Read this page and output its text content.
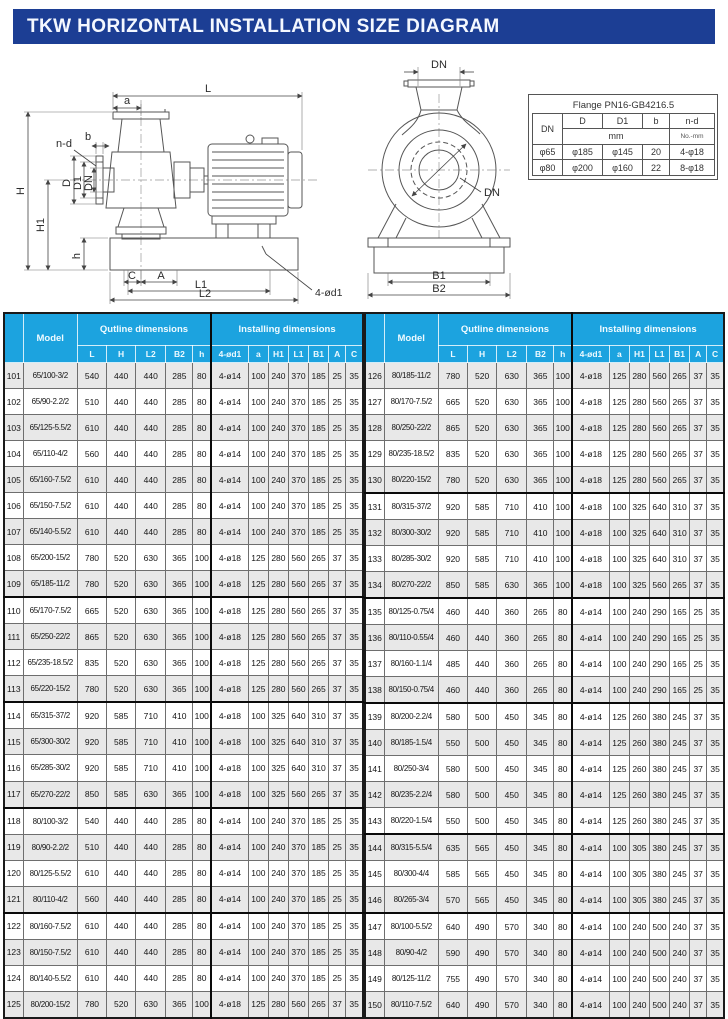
TKW HORIZONTAL INSTALLATION SIZE DIAGRAM
L
a
b
n-d
D D1 DN
H
H1
h
C A
L1
L2	4-ød1
DN
DN
B1
B2
Flange PN16-GB4216.5				
DN	D	D1	b	n-d
	mm			No.-mm
φ65	φ185	φ145	20	4-φ18
φ80	φ200	φ160	22	8-φ18
	Model	Qutline dimensions					Installing dimensions						
		L	H	L2	B2	h	4-ød1	a	H1	L1	B1	A	C
101	65/100-3/2	540	440	440	285	80	4-ø14	100	240	370	185	25	35
102	65/90-2.2/2	510	440	440	285	80	4-ø14	100	240	370	185	25	35
103	65/125-5.5/2	610	440	440	285	80	4-ø14	100	240	370	185	25	35
104	65/110-4/2	560	440	440	285	80	4-ø14	100	240	370	185	25	35
105	65/160-7.5/2	610	440	440	285	80	4-ø14	100	240	370	185	25	35
106	65/150-7.5/2	610	440	440	285	80	4-ø14	100	240	370	185	25	35
107	65/140-5.5/2	610	440	440	285	80	4-ø14	100	240	370	185	25	35
108	65/200-15/2	780	520	630	365	100	4-ø18	125	280	560	265	37	35
109	65/185-11/2	780	520	630	365	100	4-ø18	125	280	560	265	37	35
110	65/170-7.5/2	665	520	630	365	100	4-ø18	125	280	560	265	37	35
111	65/250-22/2	865	520	630	365	100	4-ø18	125	280	560	265	37	35
112	65/235-18.5/2	835	520	630	365	100	4-ø18	125	280	560	265	37	35
113	65/220-15/2	780	520	630	365	100	4-ø18	125	280	560	265	37	35
114	65/315-37/2	920	585	710	410	100	4-ø18	100	325	640	310	37	35
115	65/300-30/2	920	585	710	410	100	4-ø18	100	325	640	310	37	35
116	65/285-30/2	920	585	710	410	100	4-ø18	100	325	640	310	37	35
117	65/270-22/2	850	585	630	365	100	4-ø18	100	325	560	265	37	35
118	80/100-3/2	540	440	440	285	80	4-ø14	100	240	370	185	25	35
119	80/90-2.2/2	510	440	440	285	80	4-ø14	100	240	370	185	25	35
120	80/125-5.5/2	610	440	440	285	80	4-ø14	100	240	370	185	25	35
121	80/110-4/2	560	440	440	285	80	4-ø14	100	240	370	185	25	35
122	80/160-7.5/2	610	440	440	285	80	4-ø14	100	240	370	185	25	35
123	80/150-7.5/2	610	440	440	285	80	4-ø14	100	240	370	185	25	35
124	80/140-5.5/2	610	440	440	285	80	4-ø14	100	240	370	185	25	35
125	80/200-15/2	780	520	630	365	100	4-ø18	125	280	560	265	37	35
	Model	Qutline dimensions					Installing dimensions						
		L	H	L2	B2	h	4-ød1	a	H1	L1	B1	A	C
126	80/185-11/2	780	520	630	365	100	4-ø18	125	280	560	265	37	35
127	80/170-7.5/2	665	520	630	365	100	4-ø18	125	280	560	265	37	35
128	80/250-22/2	865	520	630	365	100	4-ø18	125	280	560	265	37	35
129	80/235-18.5/2	835	520	630	365	100	4-ø18	125	280	560	265	37	35
130	80/220-15/2	780	520	630	365	100	4-ø18	125	280	560	265	37	35
131	80/315-37/2	920	585	710	410	100	4-ø18	100	325	640	310	37	35
132	80/300-30/2	920	585	710	410	100	4-ø18	100	325	640	310	37	35
133	80/285-30/2	920	585	710	410	100	4-ø18	100	325	640	310	37	35
134	80/270-22/2	850	585	630	365	100	4-ø18	100	325	560	265	37	35
135	80/125-0.75/4	460	440	360	265	80	4-ø14	100	240	290	165	25	35
136	80/110-0.55/4	460	440	360	265	80	4-ø14	100	240	290	165	25	35
137	80/160-1.1/4	485	440	360	265	80	4-ø14	100	240	290	165	25	35
138	80/150-0.75/4	460	440	360	265	80	4-ø14	100	240	290	165	25	35
139	80/200-2.2/4	580	500	450	345	80	4-ø14	125	260	380	245	37	35
140	80/185-1.5/4	550	500	450	345	80	4-ø14	125	260	380	245	37	35
141	80/250-3/4	580	500	450	345	80	4-ø14	125	260	380	245	37	35
142	80/235-2.2/4	580	500	450	345	80	4-ø14	125	260	380	245	37	35
143	80/220-1.5/4	550	500	450	345	80	4-ø14	125	260	380	245	37	35
144	80/315-5.5/4	635	565	450	345	80	4-ø14	100	305	380	245	37	35
145	80/300-4/4	585	565	450	345	80	4-ø14	100	305	380	245	37	35
146	80/265-3/4	570	565	450	345	80	4-ø14	100	305	380	245	37	35
147	80/100-5.5/2	640	490	570	340	80	4-ø14	100	240	500	240	37	35
148	80/90-4/2	590	490	570	340	80	4-ø14	100	240	500	240	37	35
149	80/125-11/2	755	490	570	340	80	4-ø14	100	240	500	240	37	35
150	80/110-7.5/2	640	490	570	340	80	4-ø14	100	240	500	240	37	35
